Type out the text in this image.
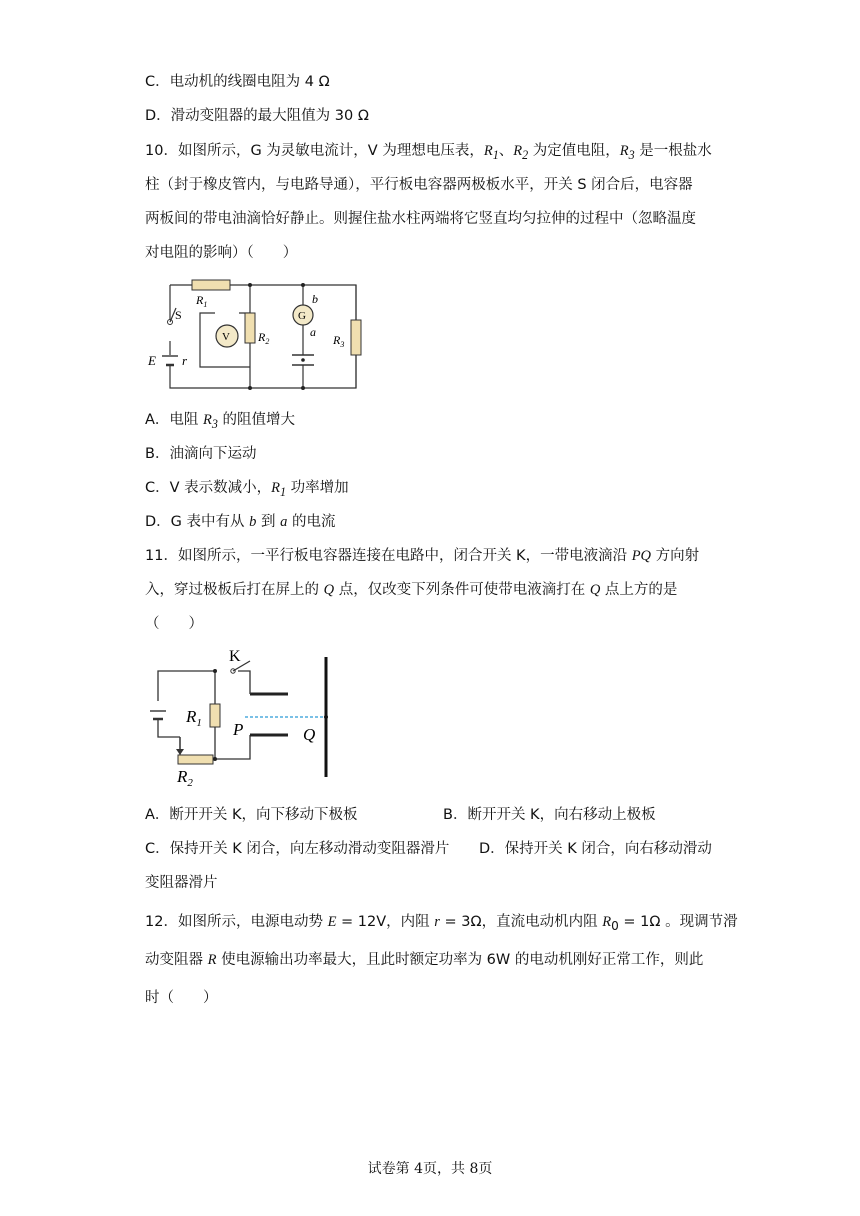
C．电动机的线圈电阻为 4 Ω
D．滑动变阻器的最大阻值为 30 Ω
10．如图所示，G 为灵敏电流计，V 为理想电压表，$R_1$、$R_2$ 为定值电阻，$R_3$ 是一根盐水
柱（封于橡皮管内，与电路导通），平行板电容器两极板水平，开关 S 闭合后，电容器
两板间的带电油滴恰好静止。则握住盐水柱两端将它竖直均匀拉伸的过程中（忽略温度
对电阻的影响）（　　）
$R_1$
S
V $R_2$
G
b
a
$R_3$
E r
A．电阻 $R_3$ 的阻值增大
B．油滴向下运动
C．V 表示数减小，$R_1$ 功率增加
D．G 表中有从 b 到 a 的电流
11．如图所示，一平行板电容器连接在电路中，闭合开关 K，一带电液滴沿 PQ 方向射
入，穿过极板后打在屏上的 Q 点，仅改变下列条件可使带电液滴打在 Q 点上方的是
（　　）
K
$R_1$ P	Q
$R_2$
A．断开开关 K，向下移动下极板	B．断开开关 K，向右移动上极板
C．保持开关 K 闭合，向左移动滑动变阻器滑片 D．保持开关 K 闭合，向右移动滑动
变阻器滑片
12．如图所示，电源电动势 E = 12V，内阻 r = 3Ω，直流电动机内阻 $R_0 = 1\Omega$ 。现调节滑
动变阻器 R 使电源输出功率最大，且此时额定功率为 6W 的电动机刚好正常工作，则此
时（　　）
试卷第 4页，共 8页
